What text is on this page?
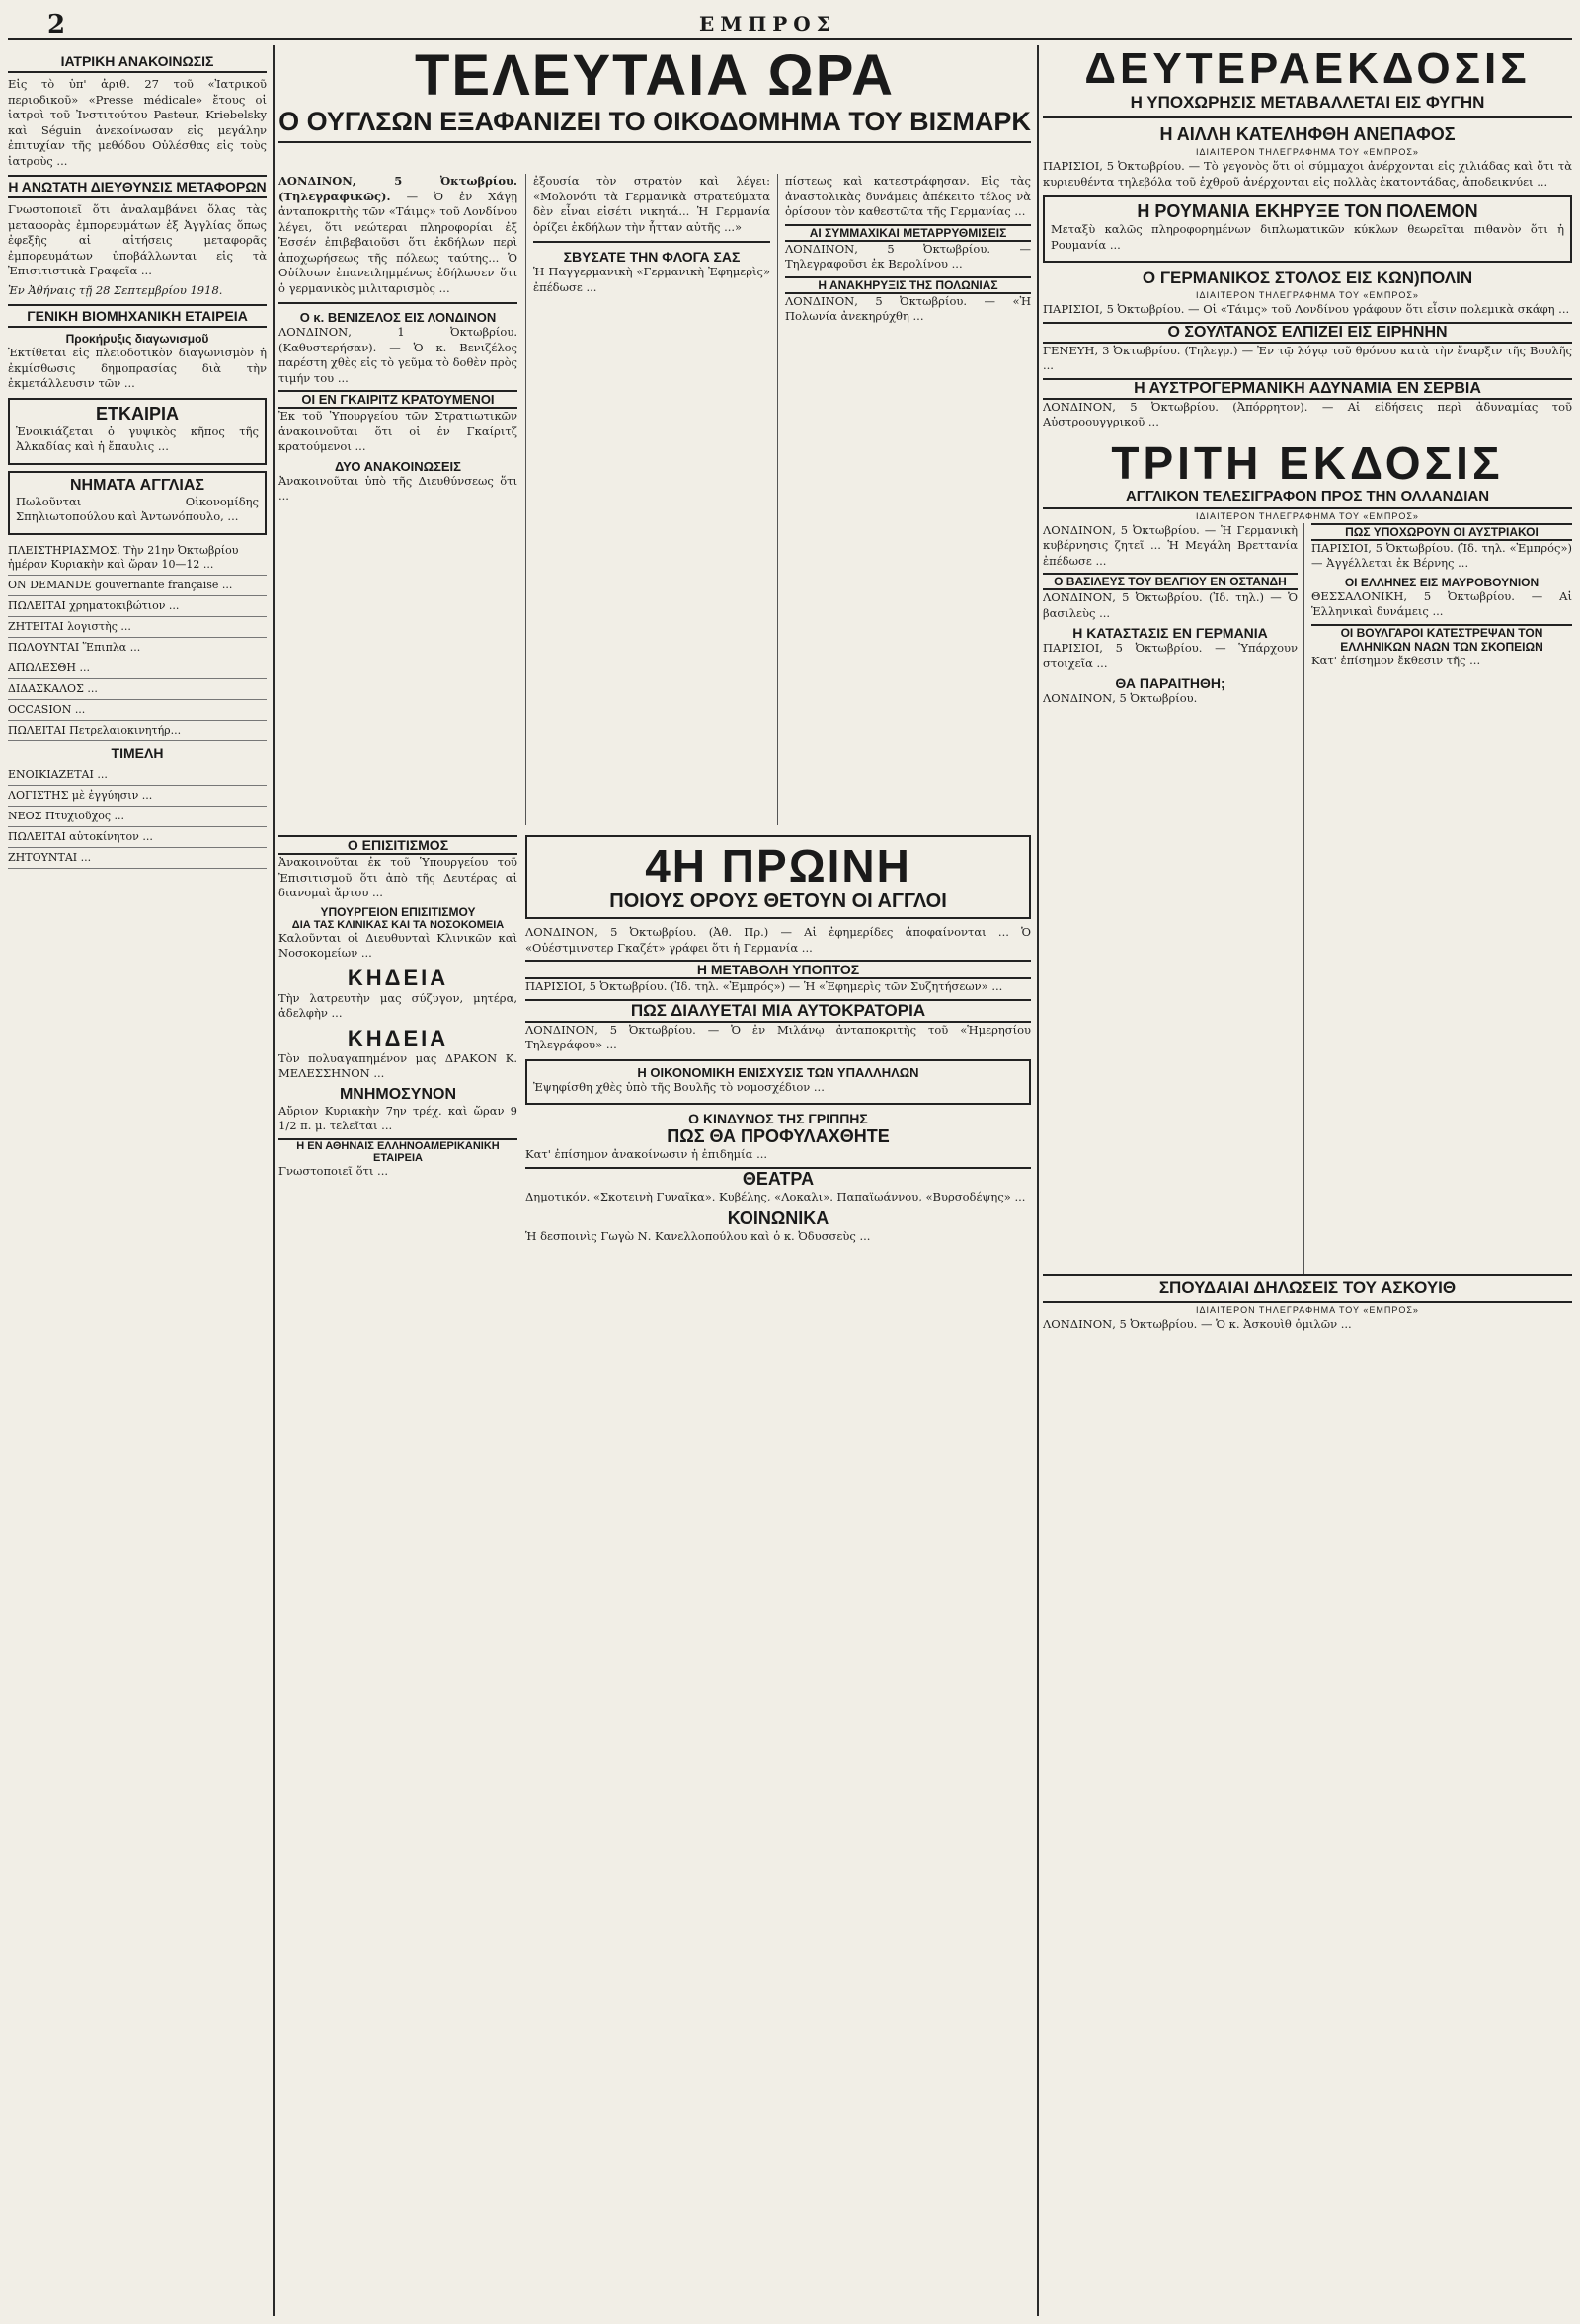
2	ΕΜΠΡΟΣ
ΙΑΤΡΙΚΗ ΑΝΑΚΟΙΝΩΣΙΣ

Εἰς τὸ ὑπ' ἀριθ. 27 τοῦ «Ἰατρικοῦ περιοδικοῦ» «Presse médicale» ἔτους οἱ ἰατροὶ τοῦ Ἰνστιτούτου Pasteur, Kriebelsky καὶ Séguin ἀνεκοίνωσαν εἰς μεγάλην ἐπιτυχίαν τῆς μεθόδου Οὐλέσθας εἰς τοὺς ἰατροὺς ...

Η ΑΝΩΤΑΤΗ ΔΙΕΥΘΥΝΣΙΣ ΜΕΤΑΦΟΡΩΝ

Γνωστοποιεῖ ὅτι ἀναλαμβάνει ὅλας τὰς μεταφορὰς ἐμπορευμάτων ἐξ Ἀγγλίας ὅπως ἐφεξῆς αἱ αἰτήσεις μεταφορᾶς ἐμπορευμάτων ὑποβάλλωνται εἰς τὰ Ἐπισιτιστικὰ Γραφεῖα ...

Ἐν Ἀθήναις τῇ 28 Σεπτεμβρίου 1918.

ΓΕΝΙΚΗ ΒΙΟΜΗΧΑΝΙΚΗ ΕΤΑΙΡΕΙΑ
Προκήρυξις διαγωνισμοῦ

Ἐκτίθεται εἰς πλειοδοτικὸν διαγωνισμὸν ἡ ἐκμίσθωσις δημοπρασίας διὰ τὴν ἐκμετάλλευσιν τῶν ...

ΕΤΚΑΙΡΙΑ

Ἐνοικιάζεται ὁ γυψικὸς κῆπος τῆς Ἀλκαδίας καὶ ἡ ἔπαυλις ...

ΝΗΜΑΤΑ ΑΓΓΛΙΑΣ

Πωλοῦνται Οἰκονομίδης Σπηλιωτοπούλου καὶ Ἀντωνόπουλο, ...

ΠΛΕΙΣΤΗΡΙΑΣΜΟΣ. Τὴν 21ην Ὀκτωβρίου ἡμέραν Κυριακὴν καὶ ὥραν 10—12 ...
ON DEMANDE gouvernante française ...
ΠΩΛΕΙΤΑΙ χρηματοκιβώτιον ...
ΖΗΤΕΙΤΑΙ λογιστὴς ...
ΠΩΛΟΥΝΤΑΙ Ἕπιπλα ...
ΑΠΩΛΕΣΘΗ ...
ΔΙΔΑΣΚΑΛΟΣ ...
OCCASION ...
ΠΩΛΕΙΤΑΙ Πετρελαιοκινητήρ...
ΤΙΜΕΛΗ
ΕΝΟΙΚΙΑΖΕΤΑΙ ...
ΛΟΓΙΣΤΗΣ μὲ ἐγγύησιν ...
ΝΕΟΣ Πτυχιοῦχος ...
ΠΩΛΕΙΤΑΙ αὐτοκίνητον ...
ΖΗΤΟΥΝΤΑΙ ...
ΤΕΛΕΥΤΑΙΑ ΩΡΑ
Ο ΟΥΓΛΣΩΝ ΕΞΑΦΑΝΙΖΕΙ ΤΟ ΟΙΚΟΔΟΜΗΜΑ ΤΟΥ ΒΙΣΜΑΡΚ

ΛΟΝΔΙΝΟΝ, 5 Ὀκτωβρίου. (Τηλεγραφικῶς). — Ὁ ἐν Χάγῃ ἀνταποκριτὴς τῶν «Τάιμς» τοῦ Λονδίνου λέγει, ὅτι νεώτεραι πληροφορίαι ἐξ Ἑσσέν ἐπιβεβαιοῦσι ὅτι ἐκδήλων περὶ ἀποχωρήσεως τῆς πόλεως ταύτης... Ὁ Οὐίλσων ἐπανειλημμένως ἐδήλωσεν ὅτι ὁ γερμανικὸς μιλιταρισμὸς ...

Ο κ. ΒΕΝΙΖΕΛΟΣ ΕΙΣ ΛΟΝΔΙΝΟΝ

ΛΟΝΔΙΝΟΝ, 1 Ὀκτωβρίου. (Καθυστερήσαν). — Ὁ κ. Βενιζέλος παρέστη χθὲς εἰς τὸ γεῦμα τὸ δοθὲν πρὸς τιμήν του ...

ΟΙ ΕΝ ΓΚΑΙΡΙΤΖ ΚΡΑΤΟΥΜΕΝΟΙ

Ἐκ τοῦ Ὑπουργείου τῶν Στρατιωτικῶν ἀνακοινοῦται ὅτι οἱ ἐν Γκαίριτζ κρατούμενοι ...

ΔΥΟ ΑΝΑΚΟΙΝΩΣΕΙΣ

Ἀνακοινοῦται ὑπὸ τῆς Διευθύνσεως ὅτι ...

ἐξουσία τὸν στρατὸν καὶ λέγει: «Μολονότι τὰ Γερμανικὰ στρατεύματα δὲν εἶναι εἰσέτι νικητά... Ἡ Γερμανία ὁρίζει ἐκδήλων τὴν ἧτταν αὐτῆς ...»

ΣΒΥΣΑΤΕ ΤΗΝ ΦΛΟΓΑ ΣΑΣ

Ἡ Παγγερμανικὴ «Γερμανικὴ Ἐφημερὶς» ἐπέδωσε ...

πίστεως καὶ κατεστράφησαν. Εἰς τὰς ἀναστολικὰς δυνάμεις ἀπέκειτο τέλος νὰ ὁρίσουν τὸν καθεστῶτα τῆς Γερμανίας ...

ΑΙ ΣΥΜΜΑΧΙΚΑΙ ΜΕΤΑΡΡΥΘΜΙΣΕΙΣ

ΛΟΝΔΙΝΟΝ, 5 Ὀκτωβρίου. — Τηλεγραφοῦσι ἐκ Βερολίνου ...

Η ΑΝΑΚΗΡΥΞΙΣ ΤΗΣ ΠΟΛΩΝΙΑΣ

ΛΟΝΔΙΝΟΝ, 5 Ὀκτωβρίου. — «Ἡ Πολωνία ἀνεκηρύχθη ...

Ο ΕΠΙΣΙΤΙΣΜΟΣ

Ἀνακοινοῦται ἐκ τοῦ Ὑπουργείου τοῦ Ἐπισιτισμοῦ ὅτι ἀπὸ τῆς Δευτέρας αἱ διανομαὶ ἄρτου ...

ΥΠΟΥΡΓΕΙΟΝ ΕΠΙΣΙΤΙΣΜΟΥ
ΔΙΑ ΤΑΣ ΚΛΙΝΙΚΑΣ ΚΑΙ ΤΑ ΝΟΣΟΚΟΜΕΙΑ

Καλοῦνται οἱ Διευθυνταὶ Κλινικῶν καὶ Νοσοκομείων ...

ΚΗΔΕΙΑ

Τὴν λατρευτὴν μας σύζυγον, μητέρα, ἀδελφὴν ...

ΚΗΔΕΙΑ

Τὸν πολυαγαπημένον μας ΔΡΑΚΟΝ Κ. ΜΕΛΕΣΣΗΝΟΝ ...

ΜΝΗΜΟΣΥΝΟΝ

Αὔριον Κυριακὴν 7ην τρέχ. καὶ ὥραν 9 1/2 π. μ. τελεῖται ...

Η ΕΝ ΑΘΗΝΑΙΣ ΕΛΛΗΝΟΑΜΕΡΙΚΑΝΙΚΗ ΕΤΑΙΡΕΙΑ

Γνωστοποιεῖ ὅτι ...

4Η ΠΡΩΙΝΗ
ΠΟΙΟΥΣ ΟΡΟΥΣ ΘΕΤΟΥΝ ΟΙ ΑΓΓΛΟΙ

ΛΟΝΔΙΝΟΝ, 5 Ὀκτωβρίου. (Ἀθ. Πρ.) — Αἱ ἐφημερίδες ἀποφαίνονται ... Ὁ «Οὐέστμινστερ Γκαζέτ» γράφει ὅτι ἡ Γερμανία ...

Η ΜΕΤΑΒΟΛΗ ΥΠΟΠΤΟΣ

ΠΑΡΙΣΙΟΙ, 5 Ὀκτωβρίου. (Ἰδ. τηλ. «Ἐμπρός») — Ἡ «Ἐφημερὶς τῶν Συζητήσεων» ...

ΠΩΣ ΔΙΑΛΥΕΤΑΙ ΜΙΑ ΑΥΤΟΚΡΑΤΟΡΙΑ

ΛΟΝΔΙΝΟΝ, 5 Ὀκτωβρίου. — Ὁ ἐν Μιλάνῳ ἀνταποκριτὴς τοῦ «Ἡμερησίου Τηλεγράφου» ...

Η ΟΙΚΟΝΟΜΙΚΗ ΕΝΙΣΧΥΣΙΣ ΤΩΝ ΥΠΑΛΛΗΛΩΝ

Ἐψηφίσθη χθὲς ὑπὸ τῆς Βουλῆς τὸ νομοσχέδιον ...

Ο ΚΙΝΔΥΝΟΣ ΤΗΣ ΓΡΙΠΠΗΣ
ΠΩΣ ΘΑ ΠΡΟΦΥΛΑΧΘΗΤΕ

Κατ' ἐπίσημον ἀνακοίνωσιν ἡ ἐπιδημία ...

ΘΕΑΤΡΑ

Δημοτικόν. «Σκοτεινὴ Γυναῖκα». Κυβέλης, «Λοκαλι». Παπαϊωάννου, «Βυρσοδέψης» ...

ΚΟΙΝΩΝΙΚΑ

Ἡ δεσποινὶς Γωγὼ Ν. Κανελλοπούλου καὶ ὁ κ. Ὀδυσσεὺς ...

ΔΕΥΤΕΡΑΕΚΔΟΣΙΣ
Η ΥΠΟΧΩΡΗΣΙΣ ΜΕΤΑΒΑΛΛΕΤΑΙ ΕΙΣ ΦΥΓΗΝ
Η ΑΙΛΛΗ ΚΑΤΕΛΗΦΘΗ ΑΝΕΠΑΦΟΣ
ΙΔΙΑΙΤΕΡΟΝ ΤΗΛΕΓΡΑΦΗΜΑ ΤΟΥ «ΕΜΠΡΟΣ»

ΠΑΡΙΣΙΟΙ, 5 Ὀκτωβρίου. — Τὸ γεγονὸς ὅτι οἱ σύμμαχοι ἀνέρχονται εἰς χιλιάδας καὶ ὅτι τὰ κυριευθέντα τηλεβόλα τοῦ ἐχθροῦ ἀνέρχονται εἰς πολλὰς ἑκατοντάδας, ἀποδεικνύει ...

Η ΡΟΥΜΑΝΙΑ ΕΚΗΡΥΞΕ ΤΟΝ ΠΟΛΕΜΟΝ

Μεταξὺ καλῶς πληροφορημένων διπλωματικῶν κύκλων θεωρεῖται πιθανὸν ὅτι ἡ Ρουμανία ...

Ο ΓΕΡΜΑΝΙΚΟΣ ΣΤΟΛΟΣ ΕΙΣ ΚΩΝ)ΠΟΛΙΝ
ΙΔΙΑΙΤΕΡΟΝ ΤΗΛΕΓΡΑΦΗΜΑ ΤΟΥ «ΕΜΠΡΟΣ»

ΠΑΡΙΣΙΟΙ, 5 Ὀκτωβρίου. — Οἱ «Τάιμς» τοῦ Λονδίνου γράφουν ὅτι εἶσιν πολεμικὰ σκάφη ...

Ο ΣΟΥΛΤΑΝΟΣ ΕΛΠΙΖΕΙ ΕΙΣ ΕΙΡΗΝΗΝ

ΓΕΝΕΥΗ, 3 Ὀκτωβρίου. (Τηλεγρ.) — Ἐν τῷ λόγῳ τοῦ θρόνου κατὰ τὴν ἔναρξιν τῆς Βουλῆς ...

Η ΑΥΣΤΡΟΓΕΡΜΑΝΙΚΗ ΑΔΥΝΑΜΙΑ ΕΝ ΣΕΡΒΙΑ

ΛΟΝΔΙΝΟΝ, 5 Ὀκτωβρίου. (Ἀπόρρητον). — Αἱ εἰδήσεις περὶ ἀδυναμίας τοῦ Αὐστροουγγρικοῦ ...

ΤΡΙΤΗ ΕΚΔΟΣΙΣ
ΑΓΓΛΙΚΟΝ ΤΕΛΕΣΙΓΡΑΦΟΝ ΠΡΟΣ ΤΗΝ ΟΛΛΑΝΔΙΑΝ
ΙΔΙΑΙΤΕΡΟΝ ΤΗΛΕΓΡΑΦΗΜΑ ΤΟΥ «ΕΜΠΡΟΣ»

ΛΟΝΔΙΝΟΝ, 5 Ὀκτωβρίου. — Ἡ Γερμανικὴ κυβέρνησις ζητεῖ ... Ἡ Μεγάλη Βρεττανία ἐπέδωσε ...

Ο ΒΑΣΙΛΕΥΣ ΤΟΥ ΒΕΛΓΙΟΥ ΕΝ ΟΣΤΑΝΔΗ

ΛΟΝΔΙΝΟΝ, 5 Ὀκτωβρίου. (Ἰδ. τηλ.) — Ὁ βασιλεὺς ...

Η ΚΑΤΑΣΤΑΣΙΣ ΕΝ ΓΕΡΜΑΝΙΑ

ΠΑΡΙΣΙΟΙ, 5 Ὀκτωβρίου. — Ὑπάρχουν στοιχεῖα ...

ΘΑ ΠΑΡΑΙΤΗΘΗ;

ΛΟΝΔΙΝΟΝ, 5 Ὀκτωβρίου.

ΠΩΣ ΥΠΟΧΩΡΟΥΝ ΟΙ ΑΥΣΤΡΙΑΚΟΙ

ΠΑΡΙΣΙΟΙ, 5 Ὀκτωβρίου. (Ἰδ. τηλ. «Ἐμπρός») — Ἀγγέλλεται ἐκ Βέρνης ...

ΟΙ ΕΛΛΗΝΕΣ ΕΙΣ ΜΑΥΡΟΒΟΥΝΙΟΝ

ΘΕΣΣΑΛΟΝΙΚΗ, 5 Ὀκτωβρίου. — Αἱ Ἑλληνικαὶ δυνάμεις ...

ΟΙ ΒΟΥΛΓΑΡΟΙ ΚΑΤΕΣΤΡΕΨΑΝ ΤΟΝ ΕΛΛΗΝΙΚΩΝ ΝΑΩΝ ΤΩΝ ΣΚΟΠΕΙΩΝ

Κατ' ἐπίσημον ἔκθεσιν τῆς ...

ΣΠΟΥΔΑΙΑΙ ΔΗΛΩΣΕΙΣ ΤΟΥ ΑΣΚΟΥΙΘ
ΙΔΙΑΙΤΕΡΟΝ ΤΗΛΕΓΡΑΦΗΜΑ ΤΟΥ «ΕΜΠΡΟΣ»

ΛΟΝΔΙΝΟΝ, 5 Ὀκτωβρίου. — Ὁ κ. Ἀσκουὶθ ὁμιλῶν ...
